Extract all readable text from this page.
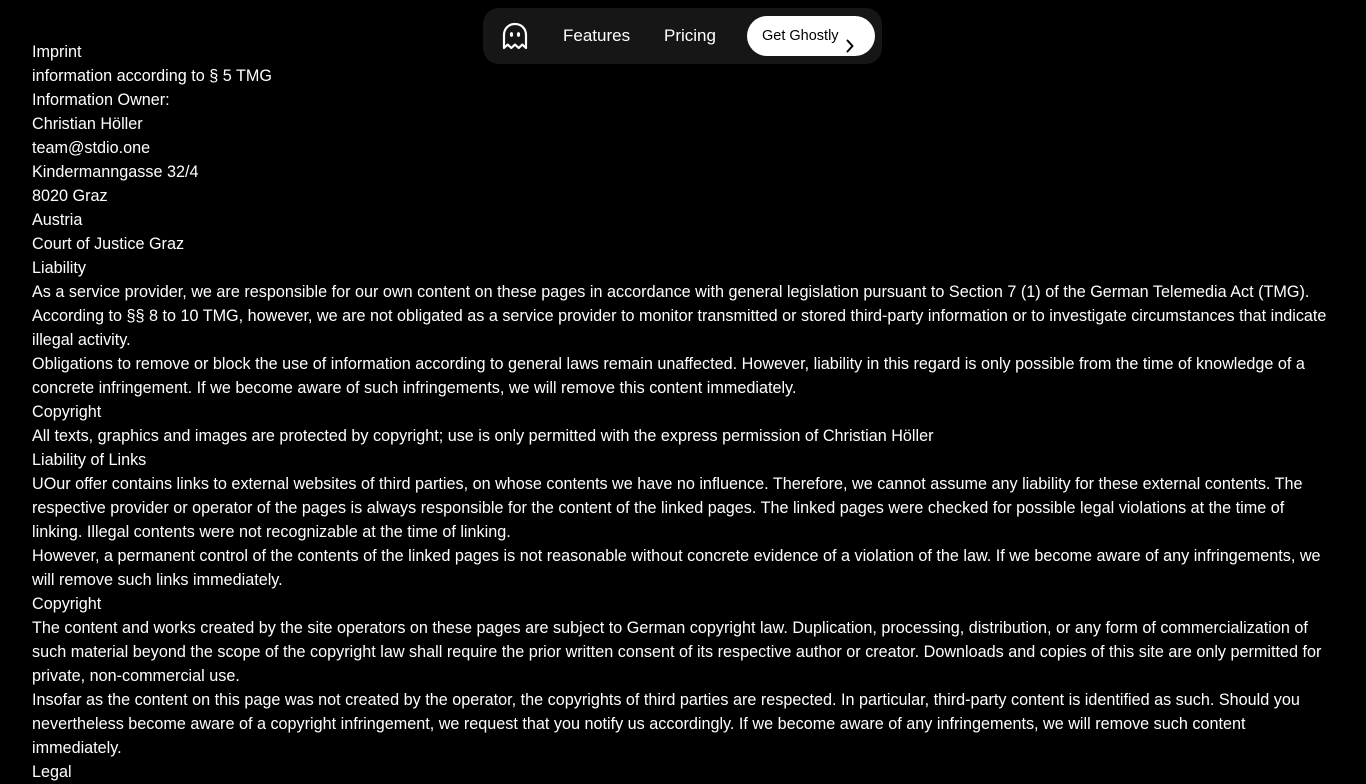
Imprint

information according to § 5 TMG

Information Owner:

Christian Höller

team@stdio.one

Kindermanngasse 32/4

8020 Graz

Austria

Court of Justice Graz

Liability

As a service provider, we are responsible for our own content on these pages in accordance with general legislation pursuant to Section 7 (1) of the German Telemedia Act (TMG). According to §§ 8 to 10 TMG, however, we are not obligated as a service provider to monitor transmitted or stored third-party information or to investigate circumstances that indicate illegal activity.

Obligations to remove or block the use of information according to general laws remain unaffected. However, liability in this regard is only possible from the time of knowledge of a concrete infringement. If we become aware of such infringements, we will remove this content immediately.

Copyright

All texts, graphics and images are protected by copyright; use is only permitted with the express permission of Christian Höller

Liability of Links

UOur offer contains links to external websites of third parties, on whose contents we have no influence. Therefore, we cannot assume any liability for these external contents. The respective provider or operator of the pages is always responsible for the content of the linked pages. The linked pages were checked for possible legal violations at the time of linking. Illegal contents were not recognizable at the time of linking.

However, a permanent control of the contents of the linked pages is not reasonable without concrete evidence of a violation of the law. If we become aware of any infringements, we will remove such links immediately.

Copyright

The content and works created by the site operators on these pages are subject to German copyright law. Duplication, processing, distribution, or any form of commercialization of such material beyond the scope of the copyright law shall require the prior written consent of its respective author or creator. Downloads and copies of this site are only permitted for private, non-commercial use.

Insofar as the content on this page was not created by the operator, the copyrights of third parties are respected. In particular, third-party content is identified as such. Should you nevertheless become aware of a copyright infringement, we request that you notify us accordingly. If we become aware of any infringements, we will remove such content immediately.

Legal

Features Pricing	Get Ghostly
